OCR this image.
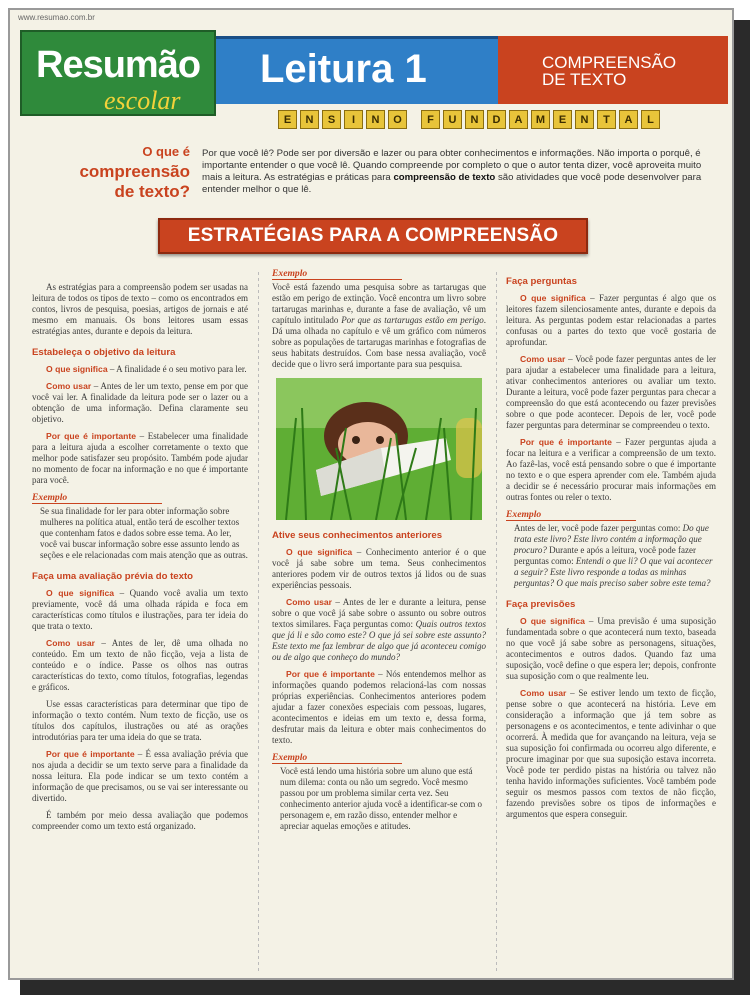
www.resumao.com.br
Resumão
escolar
Leitura 1	COMPREENSÃO
DE TEXTO
E	N	S	I	N	O	F	U	N	D	A	M	E	N	T	A	L
O que é
compreensão
de texto?
Por que você lê? Pode ser por diversão e lazer ou para obter conhecimentos e informações. Não importa o porquê, é importante entender o que você lê. Quando compreende por completo o que o autor tenta dizer, você aproveita muito mais a leitura. As estratégias e práticas para compreensão de texto são atividades que você pode desenvolver para entender melhor o que lê.
ESTRATÉGIAS PARA A COMPREENSÃO

As estratégias para a compreensão podem ser usadas na leitura de todos os tipos de texto – como os encontrados em contos, livros de pesquisa, poesias, artigos de jornais e até mesmo em manuais. Os bons leitores usam essas estratégias antes, durante e depois da leitura.

Estabeleça o objetivo da leitura

O que significa – A finalidade é o seu motivo para ler.

Como usar – Antes de ler um texto, pense em por que você vai ler. A finalidade da leitura pode ser o lazer ou a obtenção de uma informação. Defina claramente seu objetivo.

Por que é importante – Estabelecer uma finalidade para a leitura ajuda a escolher corretamente o texto que melhor pode satisfazer seu propósito. Também pode ajudar no momento de focar na informação e no que é importante para você.

Exemplo

Se sua finalidade for ler para obter informação sobre mulheres na política atual, então terá de escolher textos que contenham fatos e dados sobre esse tema. Ao ler, você vai buscar informação sobre esse assunto lendo as seções e ele relacionadas com mais atenção que as outras.

Faça uma avaliação prévia do texto

O que significa – Quando você avalia um texto previamente, você dá uma olhada rápida e foca em características como títulos e ilustrações, para ter ideia do que trata o texto.

Como usar – Antes de ler, dê uma olhada no conteúdo. Em um texto de não ficção, veja a lista de conteúdo e o índice. Passe os olhos nas outras características do texto, como títulos, fotografias, legendas e gráficos.

Use essas características para determinar que tipo de informação o texto contém. Num texto de ficção, use os títulos dos capítulos, ilustrações ou até as orações introdutórias para ter uma ideia do que se trata.

Por que é importante – É essa avaliação prévia que nos ajuda a decidir se um texto serve para a finalidade da nossa leitura. Ela pode indicar se um texto contém a informação de que precisamos, ou se vai ser interessante ou divertido.

É também por meio dessa avaliação que podemos compreender como um texto está organizado.

Exemplo

Você está fazendo uma pesquisa sobre as tartarugas que estão em perigo de extinção. Você encontra um livro sobre tartarugas marinhas e, durante a fase de avaliação, vê um capítulo intitulado Por que as tartarugas estão em perigo. Dá uma olhada no capítulo e vê um gráfico com números sobre as populações de tartarugas marinhas e fotografias de seus habitats destruídos. Com base nessa avaliação, você decide que o livro será importante para sua pesquisa.

Ative seus conhecimentos anteriores

O que significa – Conhecimento anterior é o que você já sabe sobre um tema. Seus conhecimentos anteriores podem vir de outros textos já lidos ou de suas experiências pessoais.

Como usar – Antes de ler e durante a leitura, pense sobre o que você já sabe sobre o assunto ou sobre outros textos similares. Faça perguntas como: Quais outros textos que já li e são como este? O que já sei sobre este assunto? Este texto me faz lembrar de algo que já aconteceu comigo ou de algo que conheço do mundo?

Por que é importante – Nós entendemos melhor as informações quando podemos relacioná-las com nossas próprias experiências. Conhecimentos anteriores podem ajudar a fazer conexões especiais com pessoas, lugares, acontecimentos e ideias em um texto e, dessa forma, desfrutar mais da leitura e obter mais conhecimentos do texto.

Exemplo

Você está lendo uma história sobre um aluno que está num dilema: conta ou não um segredo. Você mesmo passou por um problema similar certa vez. Seu conhecimento anterior ajuda você a identificar-se com o personagem e, em razão disso, entender melhor e apreciar aquelas emoções e atitudes.

Faça perguntas

O que significa – Fazer perguntas é algo que os leitores fazem silenciosamente antes, durante e depois da leitura. As perguntas podem estar relacionadas a partes confusas ou a partes do texto que você gostaria de aprofundar.

Como usar – Você pode fazer perguntas antes de ler para ajudar a estabelecer uma finalidade para a leitura, ativar conhecimentos anteriores ou avaliar um texto. Durante a leitura, você pode fazer perguntas para checar a compreensão do que está acontecendo ou fazer previsões sobre o que pode acontecer. Depois de ler, você pode fazer perguntas para determinar se compreendeu o texto.

Por que é importante – Fazer perguntas ajuda a focar na leitura e a verificar a compreensão de um texto. Ao fazê-las, você está pensando sobre o que é importante no texto e o que espera aprender com ele. Também ajuda a decidir se é necessário procurar mais informações em outras fontes ou reler o texto.

Exemplo

Antes de ler, você pode fazer perguntas como: Do que trata este livro? Este livro contém a informação que procuro? Durante e após a leitura, você pode fazer perguntas como: Entendi o que li? O que vai acontecer a seguir? Este livro responde a todas as minhas perguntas? O que mais preciso saber sobre este tema?

Faça previsões

O que significa – Uma previsão é uma suposição fundamentada sobre o que acontecerá num texto, baseada no que você já sabe sobre as personagens, situações, acontecimentos e outros dados. Quando faz uma suposição, você define o que espera ler; depois, confronte sua suposição com o que realmente leu.

Como usar – Se estiver lendo um texto de ficção, pense sobre o que acontecerá na história. Leve em consideração a informação que já tem sobre as personagens e os acontecimentos, e tente adivinhar o que ocorrerá. À medida que for avançando na leitura, veja se sua suposição foi confirmada ou ocorreu algo diferente, e procure imaginar por que sua suposição estava incorreta. Você pode ter perdido pistas na história ou talvez não tenha havido informações suficientes. Você também pode seguir os mesmos passos com textos de não ficção, fazendo previsões sobre os tipos de informações e argumentos que espera conseguir.
